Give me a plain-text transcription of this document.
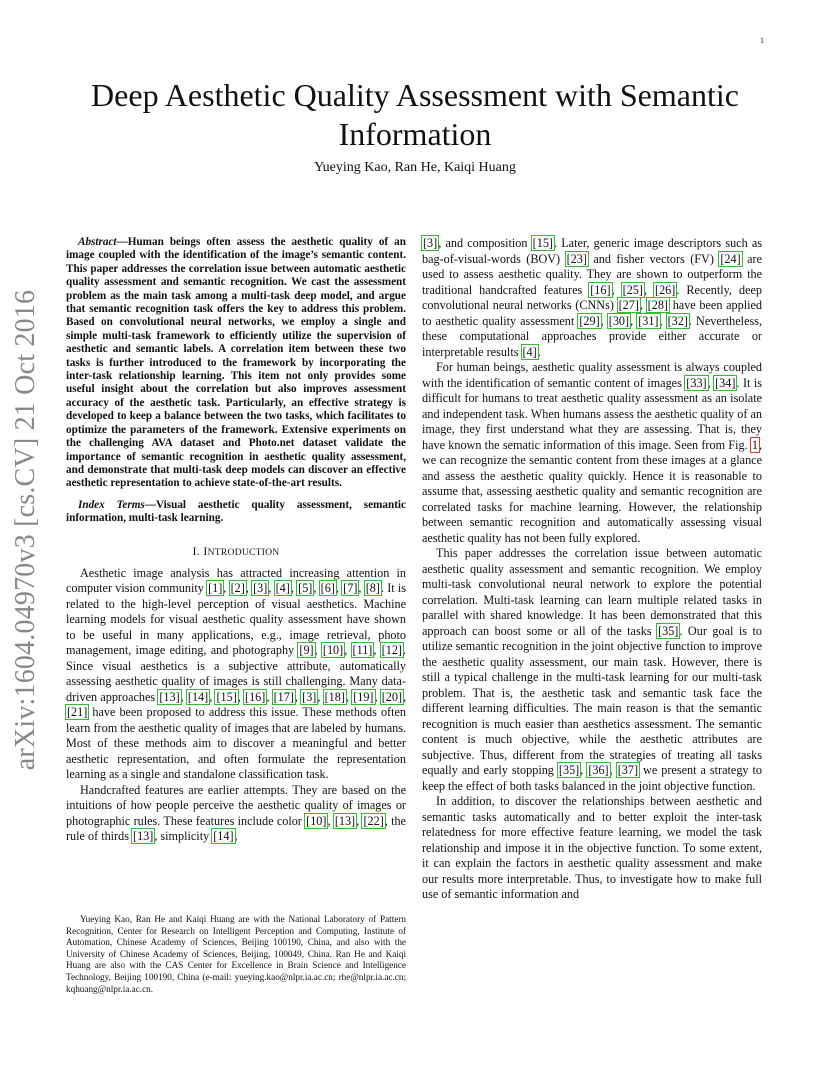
1
arXiv:1604.04970v3 [cs.CV] 21 Oct 2016
Deep Aesthetic Quality Assessment with Semantic Information
Yueying Kao, Ran He, Kaiqi Huang

Abstract—Human beings often assess the aesthetic quality of an image coupled with the identification of the image’s semantic content. This paper addresses the correlation issue between automatic aesthetic quality assessment and semantic recognition. We cast the assessment problem as the main task among a multi-task deep model, and argue that semantic recognition task offers the key to address this problem. Based on convolutional neural networks, we employ a single and simple multi-task framework to efficiently utilize the supervision of aesthetic and semantic labels. A correlation item between these two tasks is further introduced to the framework by incorporating the inter-task relationship learning. This item not only provides some useful insight about the correlation but also improves assessment accuracy of the aesthetic task. Particularly, an effective strategy is developed to keep a balance between the two tasks, which facilitates to optimize the parameters of the framework. Extensive experiments on the challenging AVA dataset and Photo.net dataset validate the importance of semantic recognition in aesthetic quality assessment, and demonstrate that multi-task deep models can discover an effective aesthetic representation to achieve state-of-the-art results.

Index Terms—Visual aesthetic quality assessment, semantic information, multi-task learning.

I. INTRODUCTION

Aesthetic image analysis has attracted increasing attention in computer vision community [1], [2], [3], [4], [5], [6], [7], [8]. It is related to the high-level perception of visual aesthetics. Machine learning models for visual aesthetic quality assessment have shown to be useful in many applications, e.g., image retrieval, photo management, image editing, and photography [9], [10], [11], [12]. Since visual aesthetics is a subjective attribute, automatically assessing aesthetic quality of images is still challenging. Many data-driven approaches [13], [14], [15], [16], [17], [3], [18], [19], [20], [21] have been proposed to address this issue. These methods often learn from the aesthetic quality of images that are labeled by humans. Most of these methods aim to discover a meaningful and better aesthetic representation, and often formulate the representation learning as a single and standalone classification task.

Handcrafted features are earlier attempts. They are based on the intuitions of how people perceive the aesthetic quality of images or photographic rules. These features include color [10], [13], [22], the rule of thirds [13], simplicity [14],

[3], and composition [15]. Later, generic image descriptors such as bag-of-visual-words (BOV) [23] and fisher vectors (FV) [24] are used to assess aesthetic quality. They are shown to outperform the traditional handcrafted features [16], [25], [26]. Recently, deep convolutional neural networks (CNNs) [27], [28] have been applied to aesthetic quality assessment [29], [30], [31], [32]. Nevertheless, these computational approaches provide either accurate or interpretable results [4].

For human beings, aesthetic quality assessment is always coupled with the identification of semantic content of images [33], [34]. It is difficult for humans to treat aesthetic quality assessment as an isolate and independent task. When humans assess the aesthetic quality of an image, they first understand what they are assessing. That is, they have known the sematic information of this image. Seen from Fig. 1, we can recognize the semantic content from these images at a glance and assess the aesthetic quality quickly. Hence it is reasonable to assume that, assessing aesthetic quality and semantic recognition are correlated tasks for machine learning. However, the relationship between semantic recognition and automatically assessing visual aesthetic quality has not been fully explored.

This paper addresses the correlation issue between automatic aesthetic quality assessment and semantic recognition. We employ multi-task convolutional neural network to explore the potential correlation. Multi-task learning can learn multiple related tasks in parallel with shared knowledge. It has been demonstrated that this approach can boost some or all of the tasks [35]. Our goal is to utilize semantic recognition in the joint objective function to improve the aesthetic quality assessment, our main task. However, there is still a typical challenge in the multi-task learning for our multi-task problem. That is, the aesthetic task and semantic task face the different learning difficulties. The main reason is that the semantic recognition is much easier than aesthetics assessment. The semantic content is much objective, while the aesthetic attributes are subjective. Thus, different from the strategies of treating all tasks equally and early stopping [35], [36], [37] we present a strategy to keep the effect of both tasks balanced in the joint objective function.

In addition, to discover the relationships between aesthetic and semantic tasks automatically and to better exploit the inter-task relatedness for more effective feature learning, we model the task relationship and impose it in the objective function. To some extent, it can explain the factors in aesthetic quality assessment and make our results more interpretable. Thus, to investigate how to make full use of semantic information and

Yueying Kao, Ran He and Kaiqi Huang are with the National Laboratory of Pattern Recognition, Center for Research on Intelligent Perception and Computing, Institute of Automation, Chinese Academy of Sciences, Beijing 100190, China, and also with the University of Chinese Academy of Sciences, Beijing, 100049, China. Ran He and Kaiqi Huang are also with the CAS Center for Excellence in Brain Science and Intelligence Technology, Beijing 100190, China (e-mail: yueying.kao@nlpr.ia.ac.cn; rhe@nlpr.ia.ac.cn; kqhuang@nlpr.ia.ac.cn.
